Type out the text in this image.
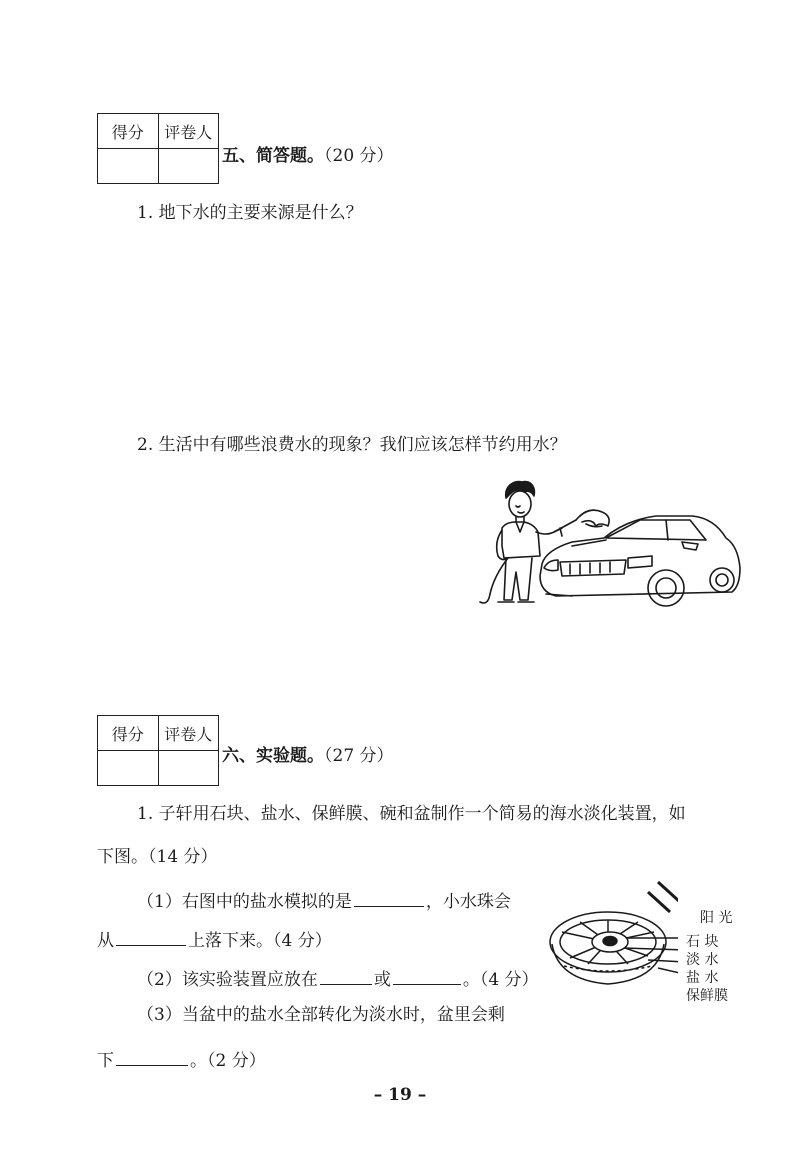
得分	评卷人

五、简答题。（20 分）
1. 地下水的主要来源是什么？
2. 生活中有哪些浪费水的现象？我们应该怎样节约用水？
得分	评卷人

六、实验题。（27 分）
1. 子轩用石块、盐水、保鲜膜、碗和盆制作一个简易的海水淡化装置，如
下图。（14 分）
（1）右图中的盐水模拟的是	，小水珠会
从	上落下来。（4 分）
（2）该实验装置应放在	或	。（4 分）
（3）当盆中的盐水全部转化为淡水时，盆里会剩
下	。（2 分）
阳 光
石 块
淡 水
盐 水
保鲜膜
– 19 –
